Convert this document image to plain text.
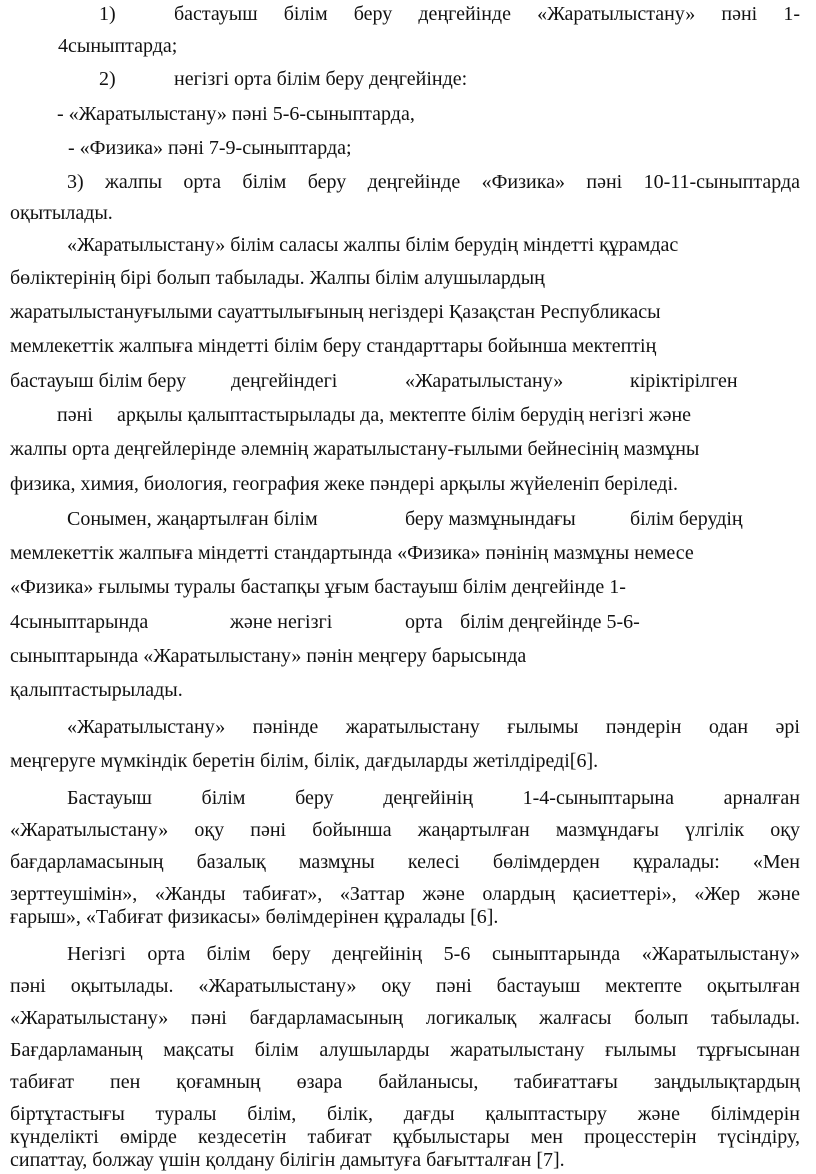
1)	бастауыш білім беру деңгейінде «Жаратылыстану» пәні 1-
4сыныптарда;
2)	негізгі орта білім беру деңгейінде:
- «Жаратылыстану» пәні 5-6-сыныптарда,
- «Физика» пәні 7-9-сыныптарда;
3) жалпы орта білім беру деңгейінде «Физика» пәні 10-11-сыныптарда
оқытылады.
«Жаратылыстану» білім саласы жалпы білім берудің міндетті құрамдас
бөліктерінің бірі болып табылады. Жалпы білім алушылардың
жаратылыстануғылыми сауаттылығының негіздері Қазақстан Республикасы
мемлекеттік жалпыға міндетті білім беру стандарттары бойынша мектептің
бастауыш білім беру деңгейіндегі	«Жаратылыстану»	кіріктірілген
пәні арқылы қалыптастырылады да, мектепте білім берудің негізгі және
жалпы орта деңгейлерінде әлемнің жаратылыстану-ғылыми бейнесінің мазмұны
физика, химия, биология, география жеке пәндері арқылы жүйеленіп беріледі.
Сонымен, жаңартылған білім	беру мазмұнындағы	білім берудің
мемлекеттік жалпыға міндетті стандартында «Физика» пәнінің мазмұны немесе
«Физика» ғылымы туралы бастапқы ұғым бастауыш білім деңгейінде 1-
4сыныптарында	және негізгі	орта білім деңгейінде 5-6-
сыныптарында «Жаратылыстану» пәнін меңгеру барысында
қалыптастырылады.
«Жаратылыстану» пәнінде жаратылыстану ғылымы пәндерін одан әрі
меңгеруге мүмкіндік беретін білім, білік, дағдыларды жетілдіреді[6].
Бастауыш білім беру деңгейінің 1-4-сыныптарына арналған
«Жаратылыстану» оқу пәні бойынша жаңартылған мазмұндағы үлгілік оқу
бағдарламасының базалық мазмұны келесі бөлімдерден құралады: «Мен
зерттеушімін», «Жанды табиғат», «Заттар және олардың қасиеттері», «Жер және
ғарыш», «Табиғат физикасы» бөлімдерінен құралады [6].
Негізгі орта білім беру деңгейінің 5-6 сыныптарында «Жаратылыстану»
пәні оқытылады. «Жаратылыстану» оқу пәні бастауыш мектепте оқытылған
«Жаратылыстану» пәні бағдарламасының логикалық жалғасы болып табылады.
Бағдарламаның мақсаты білім алушыларды жаратылыстану ғылымы тұрғысынан
табиғат пен қоғамның өзара байланысы, табиғаттағы заңдылықтардың
біртұтастығы туралы білім, білік, дағды қалыптастыру және білімдерін
күнделікті өмірде кездесетін табиғат құбылыстары мен процесстерін түсіндіру,
сипаттау, болжау үшін қолдану білігін дамытуға бағытталған [7].
